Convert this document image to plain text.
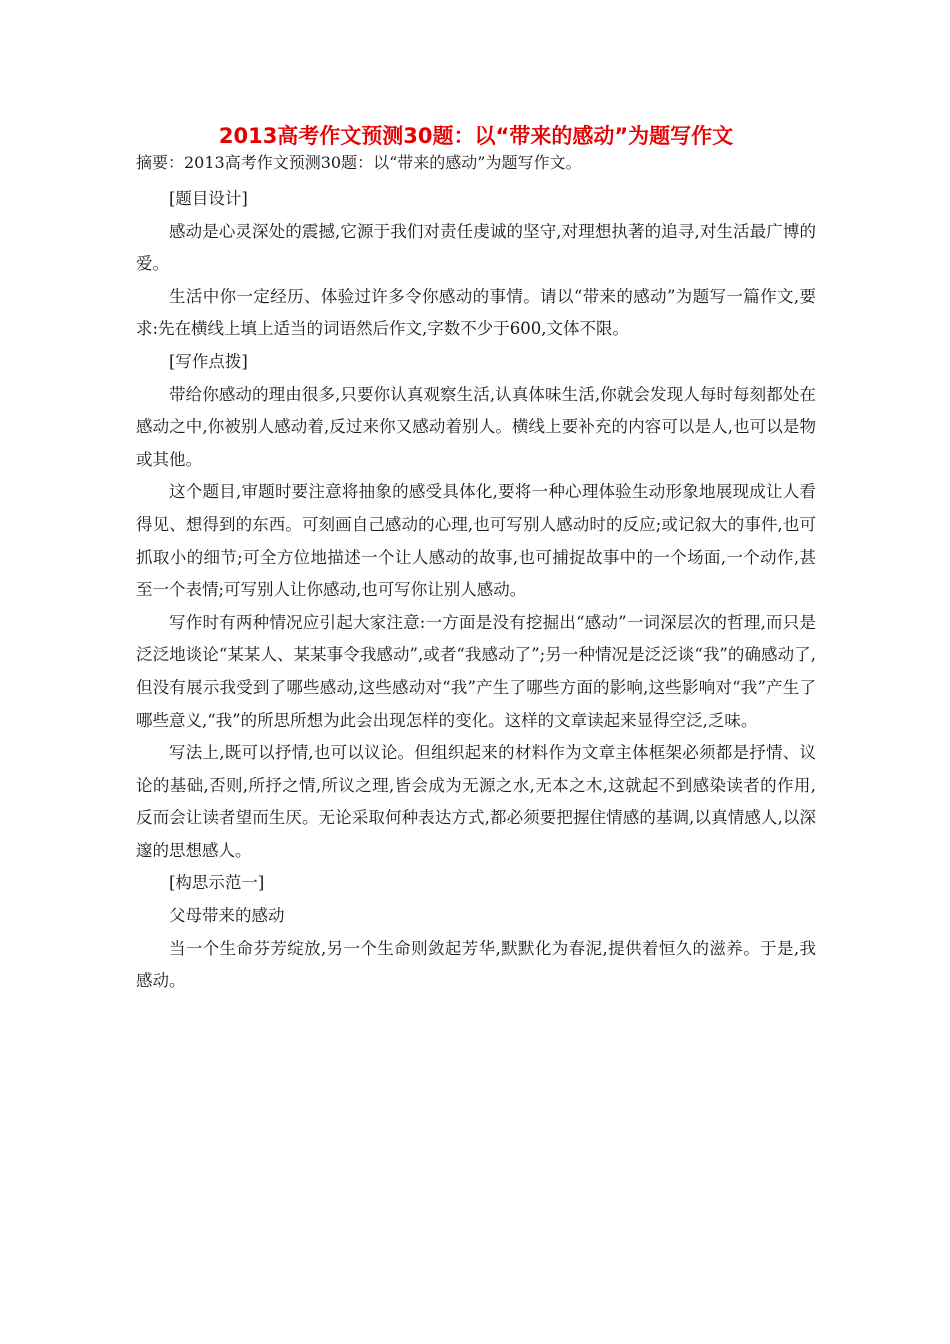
2013高考作文预测30题：以“带来的感动”为题写作文

摘要：2013高考作文预测30题：以“带来的感动”为题写作文。

[题目设计]

感动是心灵深处的震撼,它源于我们对责任虔诚的坚守,对理想执著的追寻,对生活最广博的爱。

生活中你一定经历、体验过许多令你感动的事情。请以“带来的感动”为题写一篇作文,要求:先在横线上填上适当的词语然后作文,字数不少于600,文体不限。

[写作点拨]

带给你感动的理由很多,只要你认真观察生活,认真体味生活,你就会发现人每时每刻都处在感动之中,你被别人感动着,反过来你又感动着别人。横线上要补充的内容可以是人,也可以是物或其他。

这个题目,审题时要注意将抽象的感受具体化,要将一种心理体验生动形象地展现成让人看得见、想得到的东西。可刻画自己感动的心理,也可写别人感动时的反应;或记叙大的事件,也可抓取小的细节;可全方位地描述一个让人感动的故事,也可捕捉故事中的一个场面,一个动作,甚至一个表情;可写别人让你感动,也可写你让别人感动。

写作时有两种情况应引起大家注意:一方面是没有挖掘出“感动”一词深层次的哲理,而只是泛泛地谈论“某某人、某某事令我感动”,或者“我感动了”;另一种情况是泛泛谈“我”的确感动了,但没有展示我受到了哪些感动,这些感动对“我”产生了哪些方面的影响,这些影响对“我”产生了哪些意义,“我”的所思所想为此会出现怎样的变化。这样的文章读起来显得空泛,乏味。

写法上,既可以抒情,也可以议论。但组织起来的材料作为文章主体框架必须都是抒情、议论的基础,否则,所抒之情,所议之理,皆会成为无源之水,无本之木,这就起不到感染读者的作用,反而会让读者望而生厌。无论采取何种表达方式,都必须要把握住情感的基调,以真情感人,以深邃的思想感人。

[构思示范一]

父母带来的感动

当一个生命芬芳绽放,另一个生命则敛起芳华,默默化为春泥,提供着恒久的滋养。于是,我感动。
